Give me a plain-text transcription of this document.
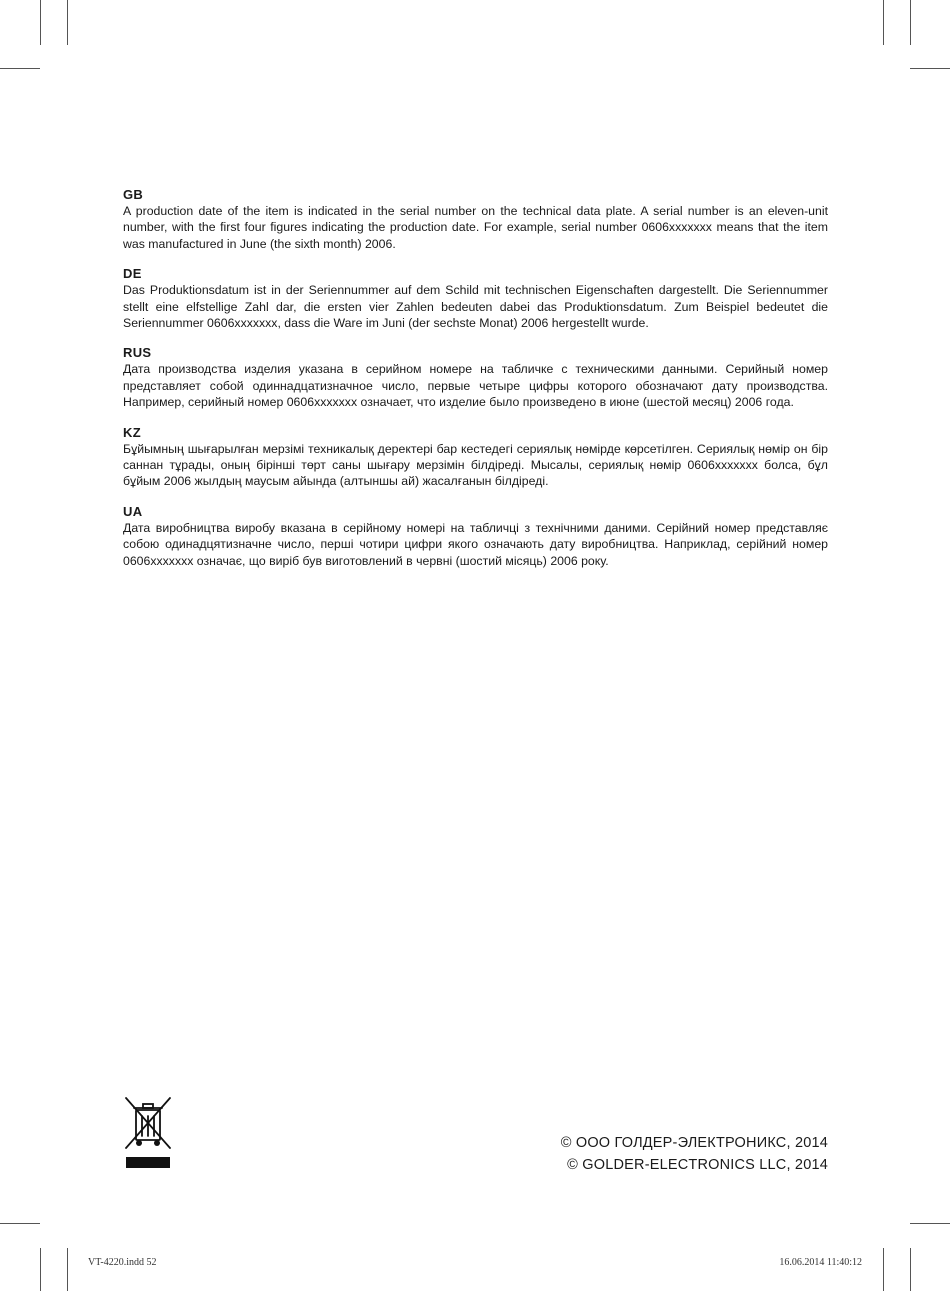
GB

A production date of the item is indicated in the serial number on the technical data plate. A serial number is an eleven-unit number, with the first four figures indicating the production date. For example, serial number 0606xxxxxxx means that the item was manufactured in June (the sixth month) 2006.

DE

Das Produktionsdatum ist in der Seriennummer auf dem Schild mit technischen Eigenschaften dargestellt. Die Seriennummer stellt eine elfstellige Zahl dar, die ersten vier Zahlen bedeuten dabei das Produktionsdatum. Zum Beispiel bedeutet die Seriennummer 0606xxxxxxx, dass die Ware im Juni (der sechste Monat) 2006 hergestellt wurde.

RUS

Дата производства изделия указана в серийном номере на табличке с техническими данными. Серийный номер представляет собой одиннадцатизначное число, первые четыре цифры которого обозначают дату производства. Например, серийный номер 0606xxxxxxx означает, что изделие было произведено в июне (шестой месяц) 2006 года.

KZ

Бұйымның шығарылған мерзімі техникалық деректері бар кестедегі сериялық нөмірде көрсетілген. Сериялық нөмір он бір саннан тұрады, оның бірінші төрт саны шығару мерзімін білдіреді. Мысалы, сериялық нөмір 0606xxxxxxx болса, бұл бұйым 2006 жылдың маусым айында (алтыншы ай) жасалғанын білдіреді.

UA

Дата виробництва виробу вказана в серійному номері на табличці з технічними даними. Серійний номер представляє собою одинадцятизначне число, перші чотири цифри якого означають дату виробництва. Наприклад, серійний номер 0606xxxxxxx означає, що виріб був виготовлений в червні (шостий місяць) 2006 року.

© ООО ГОЛДЕР-ЭЛЕКТРОНИКС, 2014
© GOLDER-ELECTRONICS LLC, 2014
VT-4220.indd 52	16.06.2014 11:40:12
